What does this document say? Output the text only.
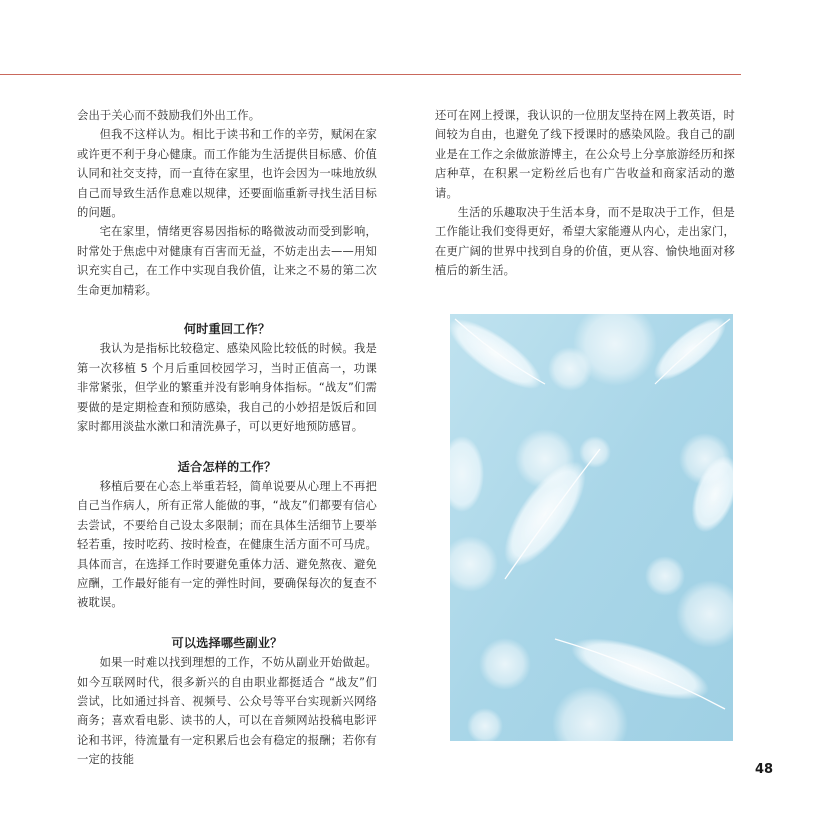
会出于关心而不鼓励我们外出工作。

但我不这样认为。相比于读书和工作的辛劳，赋闲在家或许更不利于身心健康。而工作能为生活提供目标感、价值认同和社交支持，而一直待在家里，也许会因为一味地放纵自己而导致生活作息难以规律，还要面临重新寻找生活目标的问题。

宅在家里，情绪更容易因指标的略微波动而受到影响，时常处于焦虑中对健康有百害而无益，不妨走出去——用知识充实自己，在工作中实现自我价值，让来之不易的第二次生命更加精彩。

何时重回工作？

我认为是指标比较稳定、感染风险比较低的时候。我是第一次移植 5 个月后重回校园学习，当时正值高一，功课非常紧张，但学业的繁重并没有影响身体指标。“战友”们需要做的是定期检查和预防感染，我自己的小妙招是饭后和回家时都用淡盐水漱口和清洗鼻子，可以更好地预防感冒。

适合怎样的工作？

移植后要在心态上举重若轻，简单说要从心理上不再把自己当作病人，所有正常人能做的事，“战友”们都要有信心去尝试，不要给自己设太多限制；而在具体生活细节上要举轻若重，按时吃药、按时检查，在健康生活方面不可马虎。具体而言，在选择工作时要避免重体力活、避免熬夜、避免应酬，工作最好能有一定的弹性时间，要确保每次的复查不被耽误。

可以选择哪些副业？

如果一时难以找到理想的工作，不妨从副业开始做起。如今互联网时代，很多新兴的自由职业都挺适合 “战友”们尝试，比如通过抖音、视频号、公众号等平台实现新兴网络商务；喜欢看电影、读书的人，可以在音频网站投稿电影评论和书评，待流量有一定积累后也会有稳定的报酬；若你有一定的技能

还可在网上授课，我认识的一位朋友坚持在网上教英语，时间较为自由，也避免了线下授课时的感染风险。我自己的副业是在工作之余做旅游博主，在公众号上分享旅游经历和探店种草，在积累一定粉丝后也有广告收益和商家活动的邀请。

生活的乐趣取决于生活本身，而不是取决于工作，但是工作能让我们变得更好，希望大家能遵从内心，走出家门，在更广阔的世界中找到自身的价值，更从容、愉快地面对移植后的新生活。

48
